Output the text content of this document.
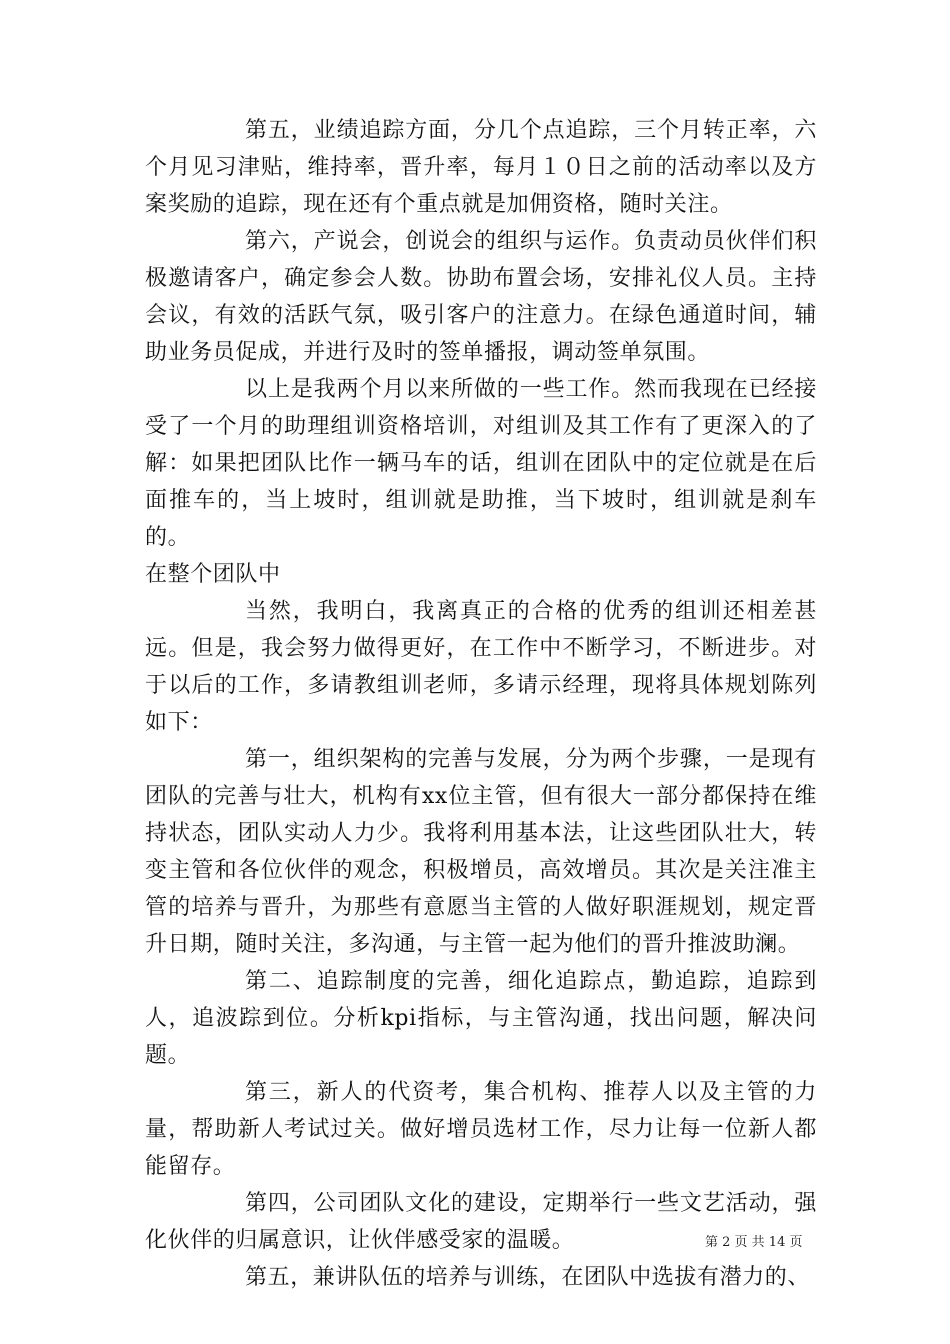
第五，业绩追踪方面，分几个点追踪，三个月转正率，六个月见习津贴，维持率，晋升率，每月１０日之前的活动率以及方案奖励的追踪，现在还有个重点就是加佣资格，随时关注。

第六，产说会，创说会的组织与运作。负责动员伙伴们积极邀请客户，确定参会人数。协助布置会场，安排礼仪人员。主持会议，有效的活跃气氛，吸引客户的注意力。在绿色通道时间，辅助业务员促成，并进行及时的签单播报，调动签单氛围。

以上是我两个月以来所做的一些工作。然而我现在已经接受了一个月的助理组训资格培训，对组训及其工作有了更深入的了解：如果把团队比作一辆马车的话，组训在团队中的定位就是在后面推车的，当上坡时，组训就是助推，当下坡时，组训就是刹车的。

在整个团队中

当然，我明白，我离真正的合格的优秀的组训还相差甚远。但是，我会努力做得更好，在工作中不断学习，不断进步。对于以后的工作，多请教组训老师，多请示经理，现将具体规划陈列如下：

第一，组织架构的完善与发展，分为两个步骤，一是现有团队的完善与壮大，机构有xx位主管，但有很大一部分都保持在维持状态，团队实动人力少。我将利用基本法，让这些团队壮大，转变主管和各位伙伴的观念，积极增员，高效增员。其次是关注准主管的培养与晋升，为那些有意愿当主管的人做好职涯规划，规定晋升日期，随时关注，多沟通，与主管一起为他们的晋升推波助澜。

第二、追踪制度的完善，细化追踪点，勤追踪，追踪到人，追波踪到位。分析kpi指标，与主管沟通，找出问题，解决问题。

第三，新人的代资考，集合机构、推荐人以及主管的力量，帮助新人考试过关。做好增员选材工作，尽力让每一位新人都能留存。

第四，公司团队文化的建设，定期举行一些文艺活动，强化伙伴的归属意识，让伙伴感受家的温暖。

第五，兼讲队伍的培养与训练，在团队中选拔有潜力的、

第 2 页 共 14 页
